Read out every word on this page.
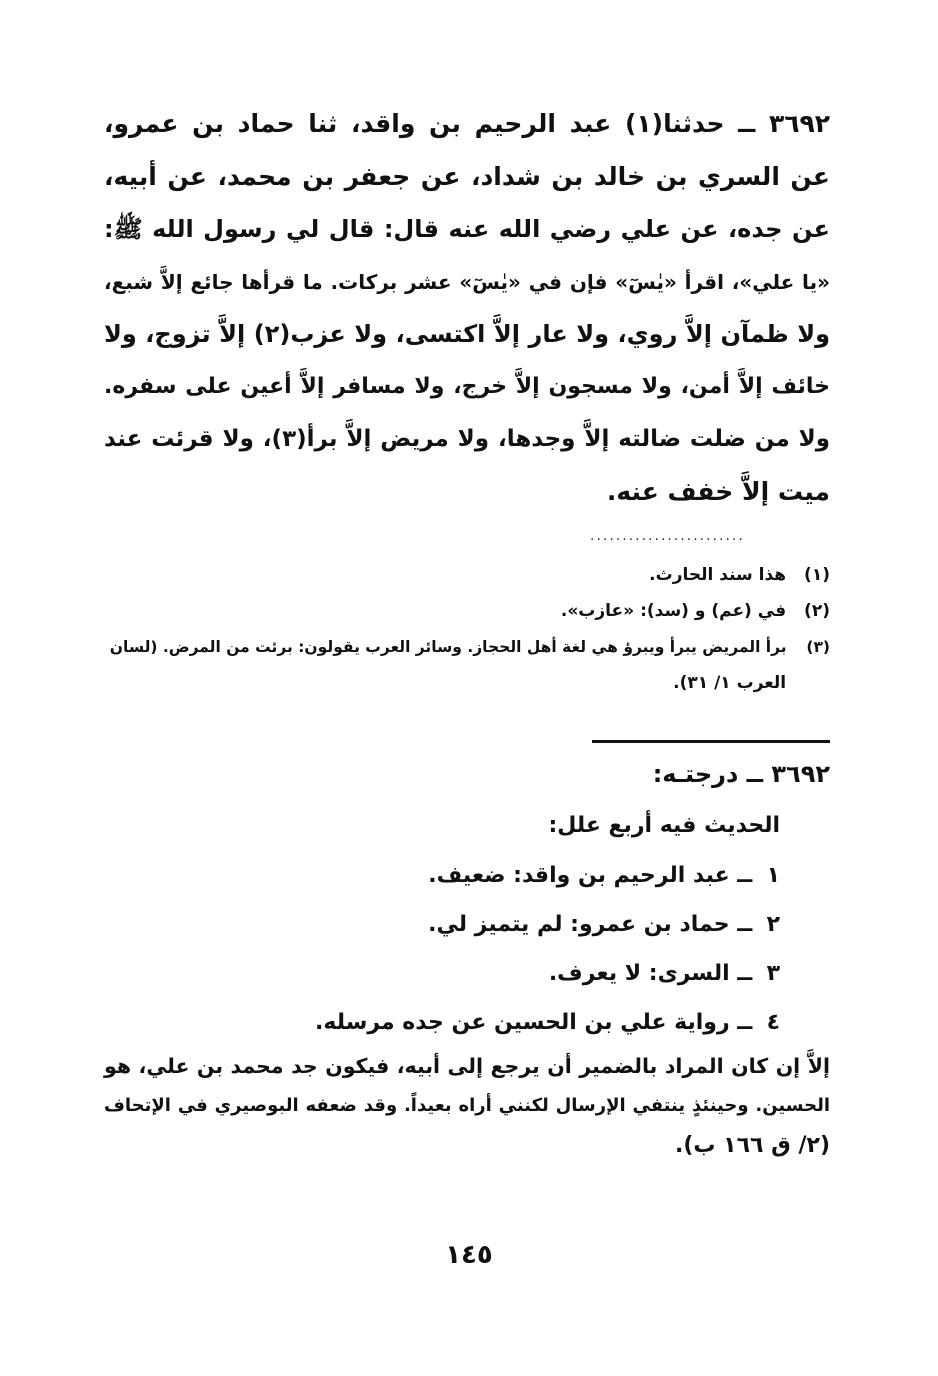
٣٦٩٢ ــ حدثنا(١) عبد الرحيم بن واقد، ثنا حماد بن عمرو،
عن السري بن خالد بن شداد، عن جعفر بن محمد، عن أبيه،
عن جده، عن علي رضي الله عنه قال: قال لي رسول الله ﷺ:
«يا علي»، اقرأ «يٰسٓ» فإن في «يٰسٓ» عشر بركات. ما قرأها جائع إلاَّ شبع،
ولا ظمآن إلاَّ روي، ولا عار إلاَّ اكتسى، ولا عزب(٢) إلاَّ تزوج، ولا
خائف إلاَّ أمن، ولا مسجون إلاَّ خرج، ولا مسافر إلاَّ أعين على سفره.
ولا من ضلت ضالته إلاَّ وجدها، ولا مريض إلاَّ برأ(٣)، ولا قرئت عند
ميت إلاَّ خفف عنه.
........................
(١) هذا سند الحارث.
(٢) في (عم) و (سد): «عازب».
(٣) برأ المريض يبرأ ويبرؤ هي لغة أهل الحجاز. وسائر العرب يقولون: برئت من المرض. (لسان
العرب ١/ ٣١).
٣٦٩٢ ــ درجتـه:
الحديث فيه أربع علل:
١ ــ عبد الرحيم بن واقد: ضعيف.
٢ ــ حماد بن عمرو: لم يتميز لي.
٣ ــ السرى: لا يعرف.
٤ ــ رواية علي بن الحسين عن جده مرسله.
إلاَّ إن كان المراد بالضمير أن يرجع إلى أبيه، فيكون جد محمد بن علي، هو
الحسين. وحينئذٍ ينتفي الإرسال لكنني أراه بعيداً. وقد ضعفه البوصيري في الإتحاف
(٢/ ق ١٦٦ ب).
١٤٥
